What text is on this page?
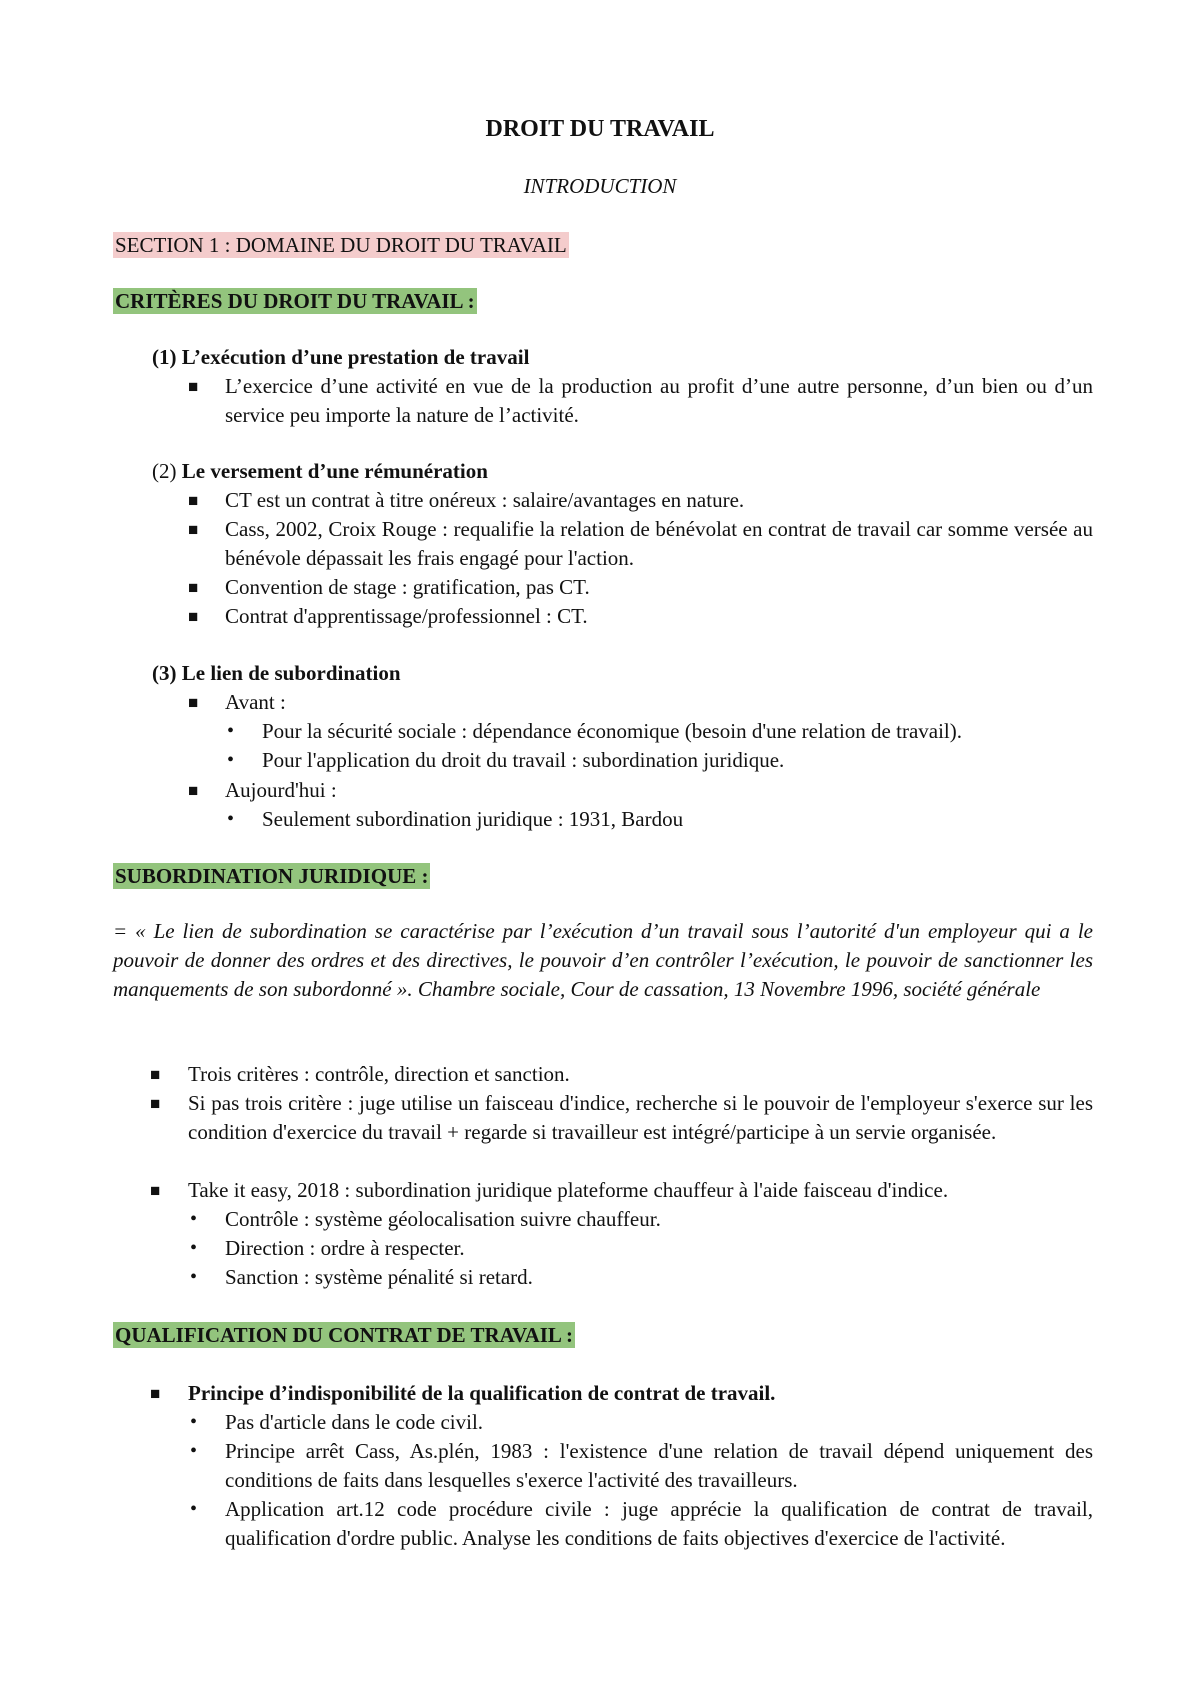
DROIT DU TRAVAIL
INTRODUCTION
SECTION 1 : DOMAINE DU DROIT DU TRAVAIL
CRITÈRES DU DROIT DU TRAVAIL :
(1) L’exécution d’une prestation de travail
■ L’exercice d’une activité en vue de la production au profit d’une autre personne, d’un bien ou d’un service peu importe la nature de l’activité.
(2) Le versement d’une rémunération
■ CT est un contrat à titre onéreux : salaire/avantages en nature.
■ Cass, 2002, Croix Rouge : requalifie la relation de bénévolat en contrat de travail car somme versée au bénévole dépassait les frais engagé pour l'action.
■ Convention de stage : gratification, pas CT.
■ Contrat d'apprentissage/professionnel : CT.
(3) Le lien de subordination
■ Avant :
• Pour la sécurité sociale : dépendance économique (besoin d'une relation de travail).
• Pour l'application du droit du travail : subordination juridique.
■ Aujourd'hui :
• Seulement subordination juridique : 1931, Bardou
SUBORDINATION JURIDIQUE :
= « Le lien de subordination se caractérise par l’exécution d’un travail sous l’autorité d'un employeur qui a le pouvoir de donner des ordres et des directives, le pouvoir d’en contrôler l’exécution, le pouvoir de sanctionner les manquements de son subordonné ». Chambre sociale, Cour de cassation, 13 Novembre 1996, société générale
■ Trois critères : contrôle, direction et sanction.
■ Si pas trois critère : juge utilise un faisceau d'indice, recherche si le pouvoir de l'employeur s'exerce sur les condition d'exercice du travail + regarde si travailleur est intégré/participe à un servie organisée.
■ Take it easy, 2018 : subordination juridique plateforme chauffeur à l'aide faisceau d'indice.
• Contrôle : système géolocalisation suivre chauffeur.
• Direction : ordre à respecter.
• Sanction : système pénalité si retard.
QUALIFICATION DU CONTRAT DE TRAVAIL :
■ Principe d’indisponibilité de la qualification de contrat de travail.
• Pas d'article dans le code civil.
• Principe arrêt Cass, As.plén, 1983 : l'existence d'une relation de travail dépend uniquement des conditions de faits dans lesquelles s'exerce l'activité des travailleurs.
• Application art.12 code procédure civile : juge apprécie la qualification de contrat de travail, qualification d'ordre public. Analyse les conditions de faits objectives d'exercice de l'activité.
